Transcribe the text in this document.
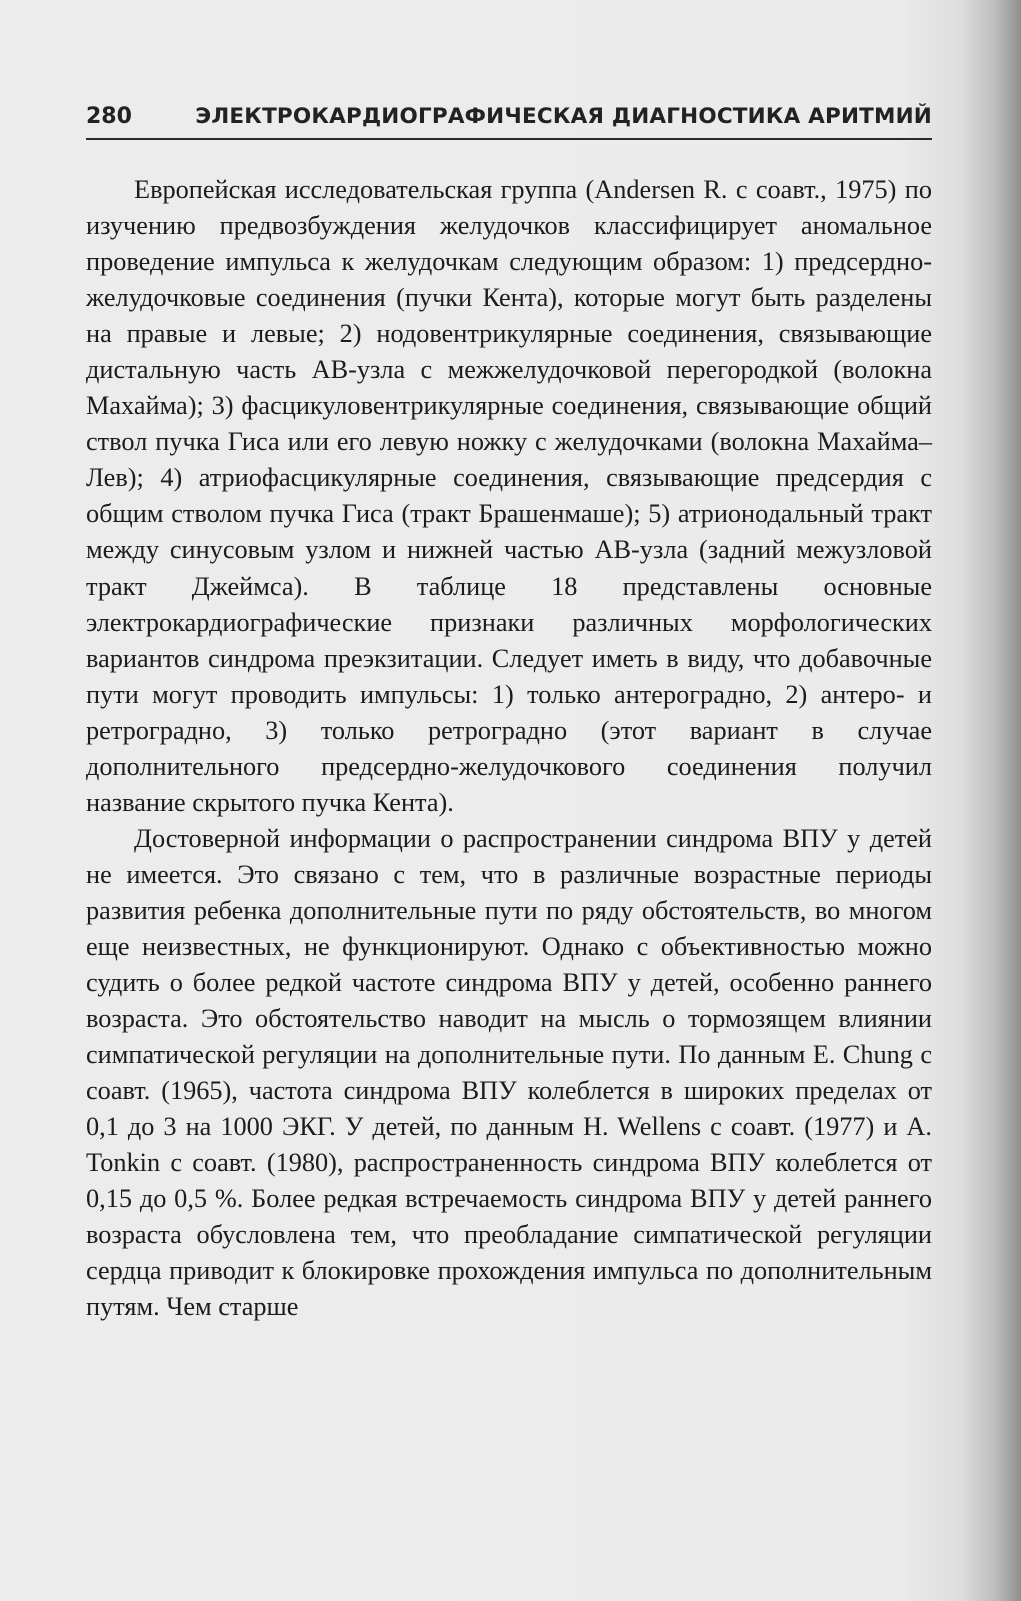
280	ЭЛЕКТРОКАРДИОГРАФИЧЕСКАЯ ДИАГНОСТИКА АРИТМИЙ

Европейская исследовательская группа (Andersen R. с соавт., 1975) по изучению предвозбуждения желудочков классифицирует аномальное проведение импульса к желудочкам следующим образом: 1) предсердно-желудочковые соединения (пучки Кента), которые могут быть разделены на правые и левые; 2) нодовентрикулярные соединения, связывающие дистальную часть АВ-узла с межжелудочковой перегородкой (волокна Махайма); 3) фасцикуловентрикулярные соединения, связывающие общий ствол пучка Гиса или его левую ножку с желудочками (волокна Махайма–Лев); 4) атриофасцикулярные соединения, связывающие предсердия с общим стволом пучка Гиса (тракт Брашенмаше); 5) атрионодальный тракт между синусовым узлом и нижней частью АВ-узла (задний межузловой тракт Джеймса). В таблице 18 представлены основные электрокардиографические признаки различных морфологических вариантов синдрома преэкзитации. Следует иметь в виду, что добавочные пути могут проводить импульсы: 1) только антероградно, 2) антеро- и ретроградно, 3) только ретроградно (этот вариант в случае дополнительного предсердно-желудочкового соединения получил название скрытого пучка Кента).

Достоверной информации о распространении синдрома ВПУ у детей не имеется. Это связано с тем, что в различные возрастные периоды развития ребенка дополнительные пути по ряду обстоятельств, во многом еще неизвестных, не функционируют. Однако с объективностью можно судить о более редкой частоте синдрома ВПУ у детей, особенно раннего возраста. Это обстоятельство наводит на мысль о тормозящем влиянии симпатической регуляции на дополнительные пути. По данным E. Chung с соавт. (1965), частота синдрома ВПУ колеблется в широких пределах от 0,1 до 3 на 1000 ЭКГ. У детей, по данным H. Wellens с соавт. (1977) и A. Tonkin с соавт. (1980), распространенность синдрома ВПУ колеблется от 0,15 до 0,5 %. Более редкая встречаемость синдрома ВПУ у детей раннего возраста обусловлена тем, что преобладание симпатической регуляции сердца приводит к блокировке прохождения импульса по дополнительным путям. Чем старше
